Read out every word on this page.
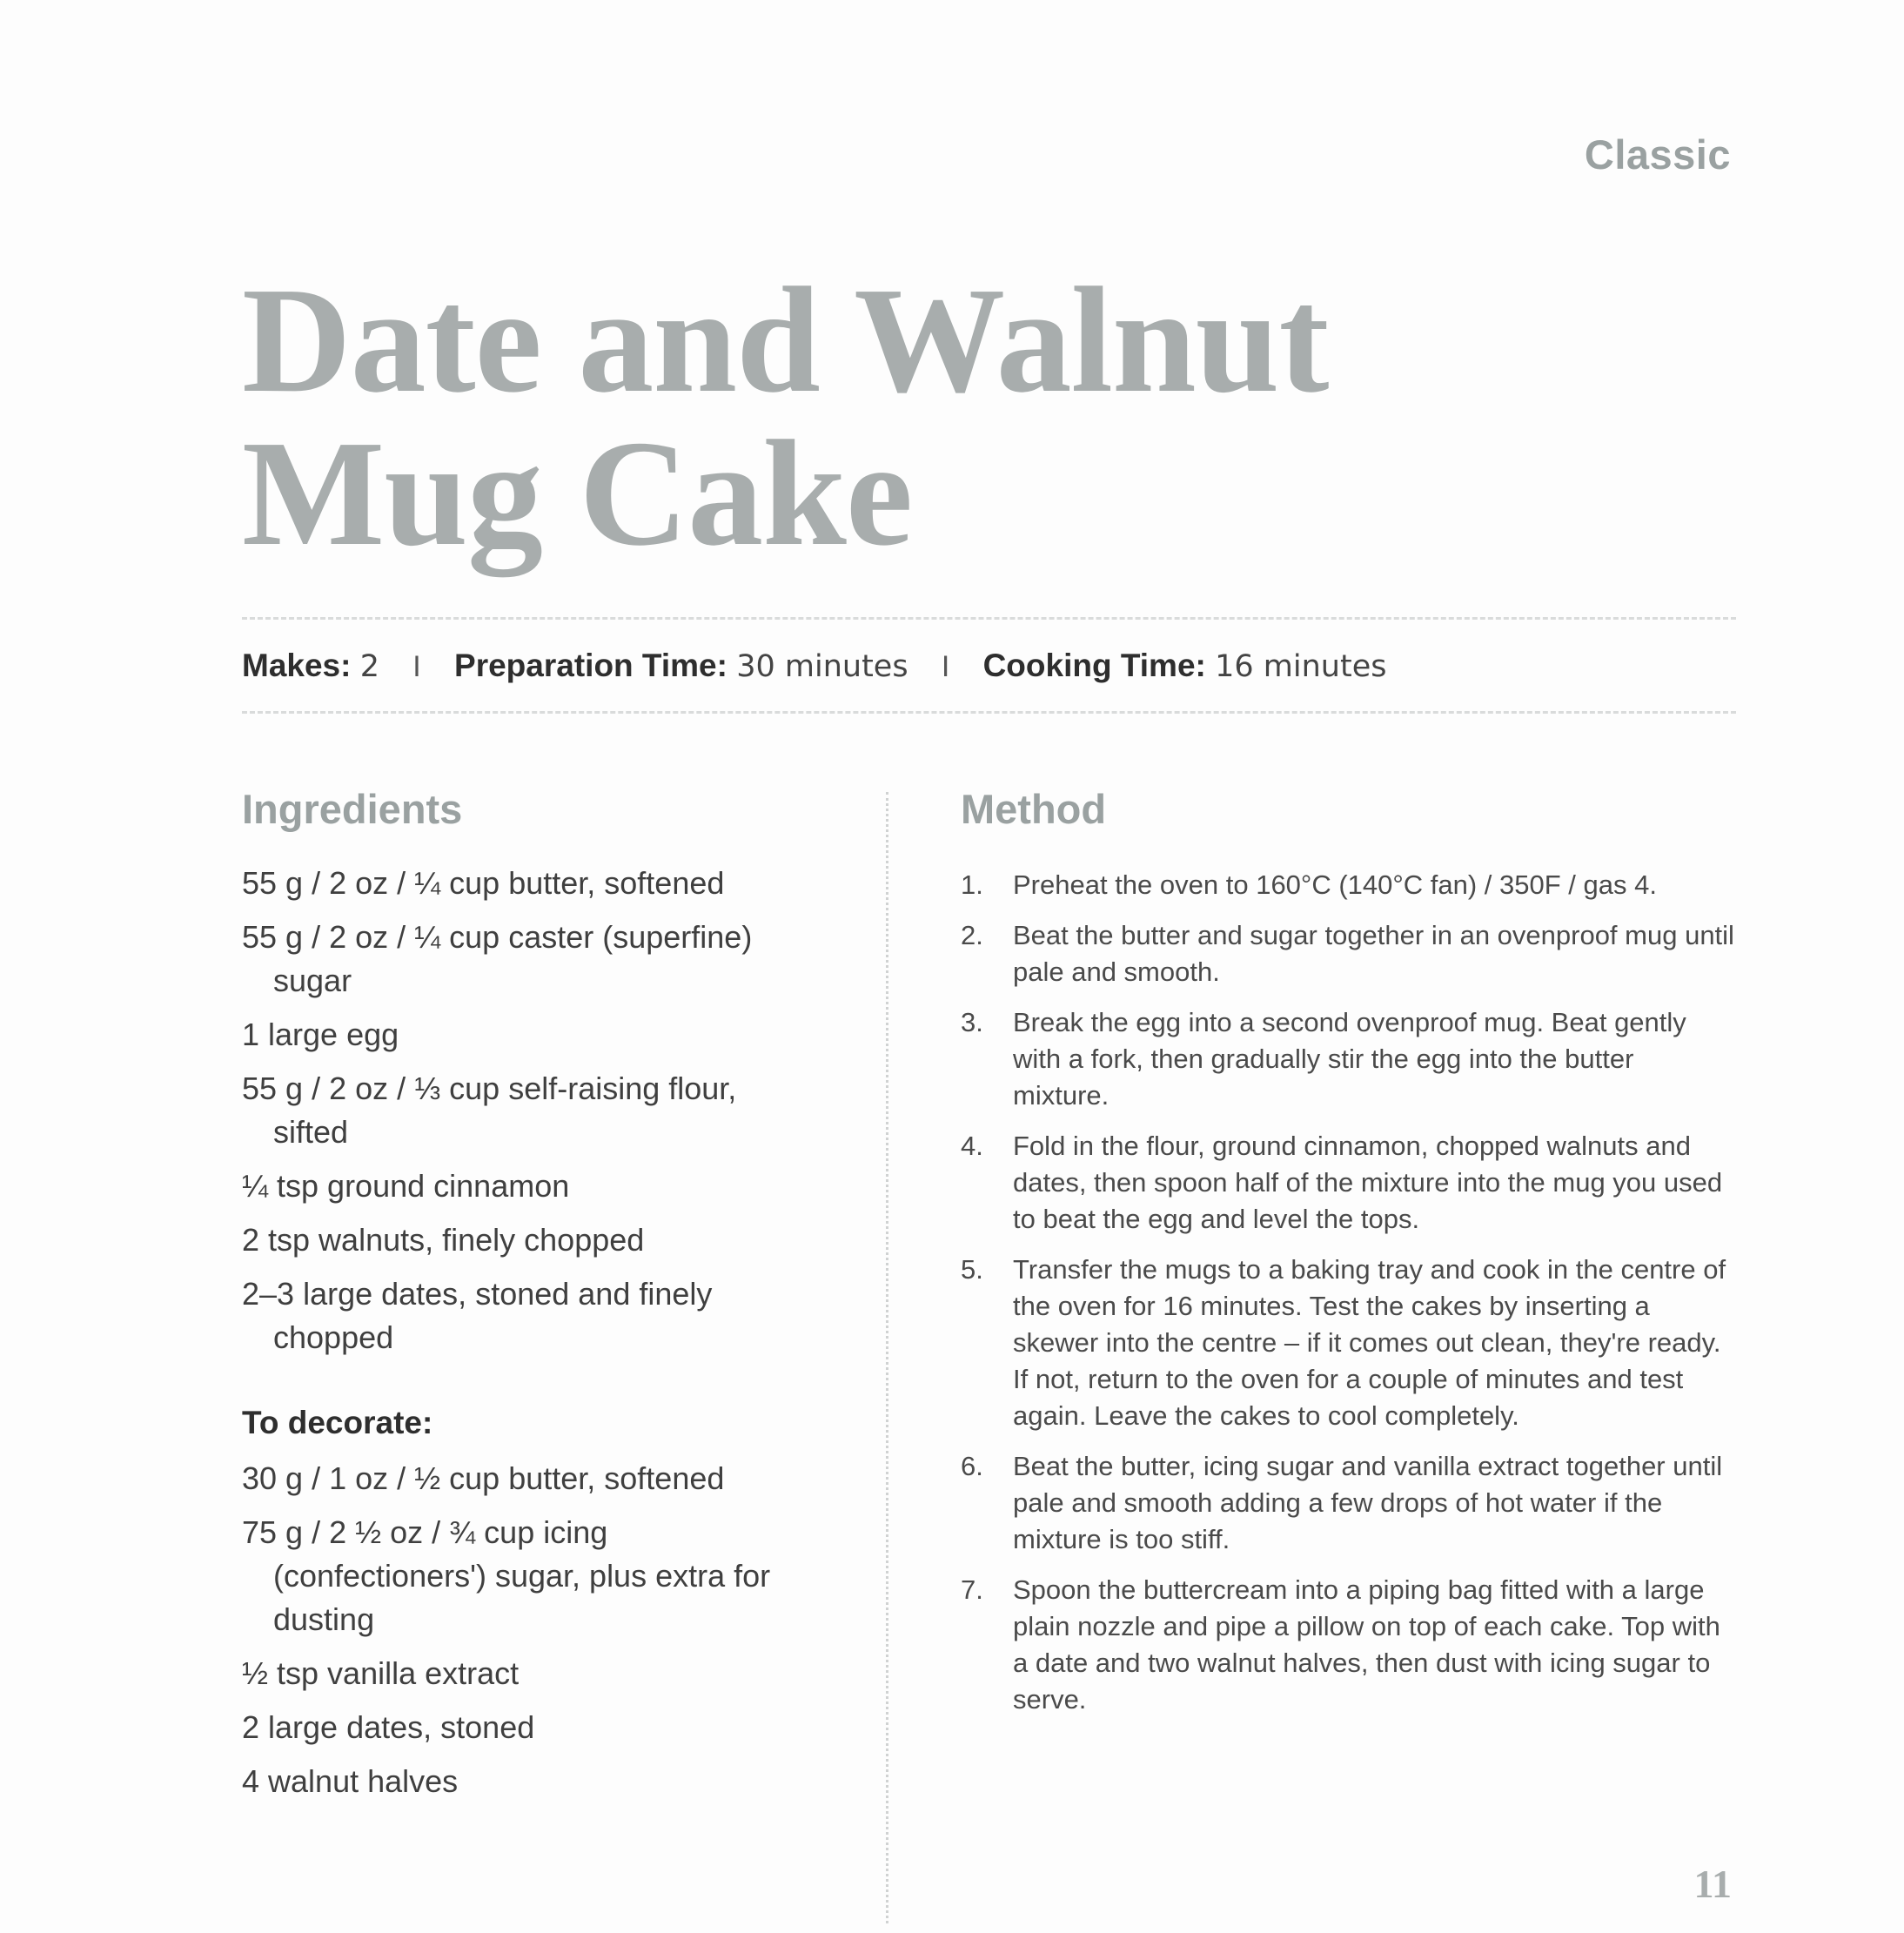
Classic
Date and Walnut
Mug Cake
Makes: 2 I Preparation Time: 30 minutes I Cooking Time: 16 minutes
Ingredients
55 g / 2 oz / ¼ cup butter, softened
55 g / 2 oz / ¼ cup caster (superfine) sugar
1 large egg
55 g / 2 oz / ⅓ cup self-raising flour, sifted
¼ tsp ground cinnamon
2 tsp walnuts, finely chopped
2–3 large dates, stoned and finely chopped
To decorate:
30 g / 1 oz / ½ cup butter, softened
75 g / 2 ½ oz / ¾ cup icing (confectioners') sugar, plus extra for dusting
½ tsp vanilla extract
2 large dates, stoned
4 walnut halves
Method
1.	Preheat the oven to 160°C (140°C fan) / 350F / gas 4.
2.	Beat the butter and sugar together in an ovenproof mug until pale and smooth.
3.	Break the egg into a second ovenproof mug. Beat gently with a fork, then gradually stir the egg into the butter mixture.
4.	Fold in the flour, ground cinnamon, chopped walnuts and dates, then spoon half of the mixture into the mug you used to beat the egg and level the tops.
5.	Transfer the mugs to a baking tray and cook in the centre of the oven for 16 minutes. Test the cakes by inserting a skewer into the centre – if it comes out clean, they're ready. If not, return to the oven for a couple of minutes and test again. Leave the cakes to cool completely.
6.	Beat the butter, icing sugar and vanilla extract together until pale and smooth adding a few drops of hot water if the mixture is too stiff.
7.	Spoon the buttercream into a piping bag fitted with a large plain nozzle and pipe a pillow on top of each cake. Top with a date and two walnut halves, then dust with icing sugar to serve.
11
